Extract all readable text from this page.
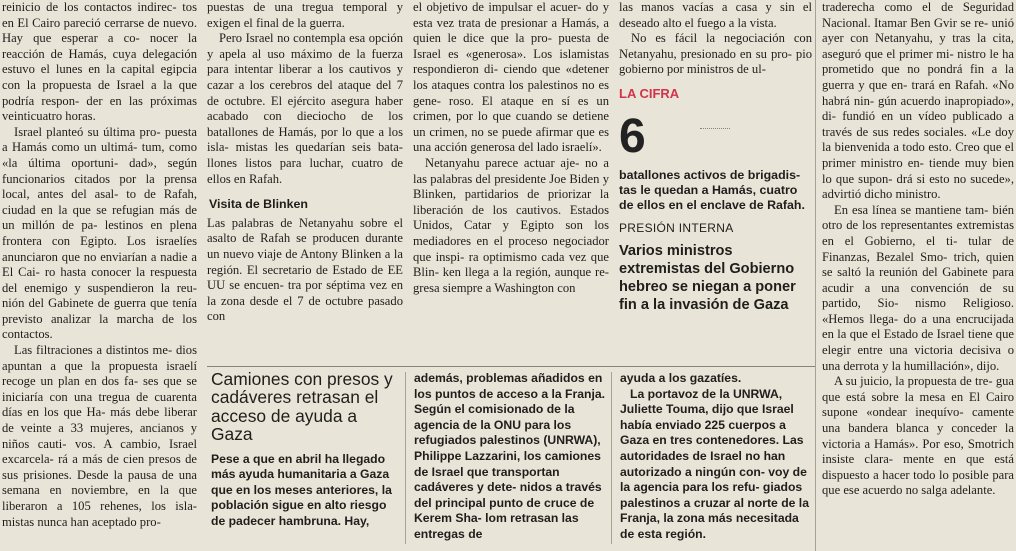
reinicio de los contactos indirec- tos en El Cairo pareció cerrarse de nuevo. Hay que esperar a co- nocer la reacción de Hamás, cuya delegación estuvo el lunes en la capital egipcia con la propuesta de Israel a la que podría respon- der en las próximas veinticuatro horas.

Israel planteó su última pro- puesta a Hamás como un ultimá- tum, como «la última oportuni- dad», según funcionarios citados por la prensa local, antes del asal- to de Rafah, ciudad en la que se refugian más de un millón de pa- lestinos en plena frontera con Egipto. Los israelíes anunciaron que no enviarían a nadie a El Cai- ro hasta conocer la respuesta del enemigo y suspendieron la reu- nión del Gabinete de guerra que tenía previsto analizar la marcha de los contactos.

Las filtraciones a distintos me- dios apuntan a que la propuesta israelí recoge un plan en dos fa- ses que se iniciaría con una tregua de cuarenta días en los que Ha- más debe liberar de veinte a 33 mujeres, ancianos y niños cauti- vos. A cambio, Israel excarcela- rá a más de cien presos de sus prisiones. Desde la pausa de una semana en noviembre, en la que liberaron a 105 rehenes, los isla- mistas nunca han aceptado pro-

puestas de una tregua temporal y exigen el final de la guerra.

Pero Israel no contempla esa opción y apela al uso máximo de la fuerza para intentar liberar a los cautivos y cazar a los cerebros del ataque del 7 de octubre. El ejército asegura haber acabado con dieciocho de los batallones de Hamás, por lo que a los isla- mistas les quedarían seis bata- llones listos para luchar, cuatro de ellos en Rafah.

Visita de Blinken

Las palabras de Netanyahu sobre el asalto de Rafah se producen durante un nuevo viaje de Antony Blinken a la región. El secretario de Estado de EE UU se encuen- tra por séptima vez en la zona desde el 7 de octubre pasado con

el objetivo de impulsar el acuer- do y esta vez trata de presionar a Hamás, a quien le dice que la pro- puesta de Israel es «generosa». Los islamistas respondieron di- ciendo que «detener los ataques contra los palestinos no es gene- roso. El ataque en sí es un crimen, por lo que cuando se detiene un crimen, no se puede afirmar que es una acción generosa del lado israelí».

Netanyahu parece actuar aje- no a las palabras del presidente Joe Biden y Blinken, partidarios de priorizar la liberación de los cautivos. Estados Unidos, Catar y Egipto son los mediadores en el proceso negociador que inspi- ra optimismo cada vez que Blin- ken llega a la región, aunque re- gresa siempre a Washington con

las manos vacías a casa y sin el deseado alto el fuego a la vista.

No es fácil la negociación con Netanyahu, presionado en su pro- pio gobierno por ministros de ul-

LA CIFRA
6
batallones activos de brigadis- tas le quedan a Hamás, cuatro de ellos en el enclave de Rafah.
PRESIÓN INTERNA
Varios ministros extremistas del Gobierno hebreo se niegan a poner fin a la invasión de Gaza

traderecha como el de Seguridad Nacional. Itamar Ben Gvir se re- unió ayer con Netanyahu, y tras la cita, aseguró que el primer mi- nistro le ha prometido que no pondrá fin a la guerra y que en- trará en Rafah. «No habrá nin- gún acuerdo inapropiado», di- fundió en un vídeo publicado a través de sus redes sociales. «Le doy la bienvenida a todo esto. Creo que el primer ministro en- tiende muy bien lo que supon- drá si esto no sucede», advirtió dicho ministro.

En esa línea se mantiene tam- bién otro de los representantes extremistas en el Gobierno, el ti- tular de Finanzas, Bezalel Smo- trich, quien se saltó la reunión del Gabinete para acudir a una convención de su partido, Sio- nismo Religioso. «Hemos llega- do a una encrucijada en la que el Estado de Israel tiene que elegir entre una victoria decisiva o una derrota y la humillación», dijo.

A su juicio, la propuesta de tre- gua que está sobre la mesa en El Cairo supone «ondear inequívo- camente una bandera blanca y conceder la victoria a Hamás». Por eso, Smotrich insiste clara- mente en que está dispuesto a hacer todo lo posible para que ese acuerdo no salga adelante.

Camiones con presos y cadáveres retrasan el acceso de ayuda a Gaza
Pese a que en abril ha llegado más ayuda humanitaria a Gaza que en los meses anteriores, la población sigue en alto riesgo de padecer hambruna. Hay,
además, problemas añadidos en los puntos de acceso a la Franja. Según el comisionado de la agencia de la ONU para los refugiados palestinos (UNRWA), Philippe Lazzarini, los camiones de Israel que transportan cadáveres y dete- nidos a través del principal punto de cruce de Kerem Sha- lom retrasan las entregas de
ayuda a los gazatíes.
La portavoz de la UNRWA, Juliette Touma, dijo que Israel había enviado 225 cuerpos a Gaza en tres contenedores. Las autoridades de Israel no han autorizado a ningún con- voy de la agencia para los refu- giados palestinos a cruzar al norte de la Franja, la zona más necesitada de esta región.
